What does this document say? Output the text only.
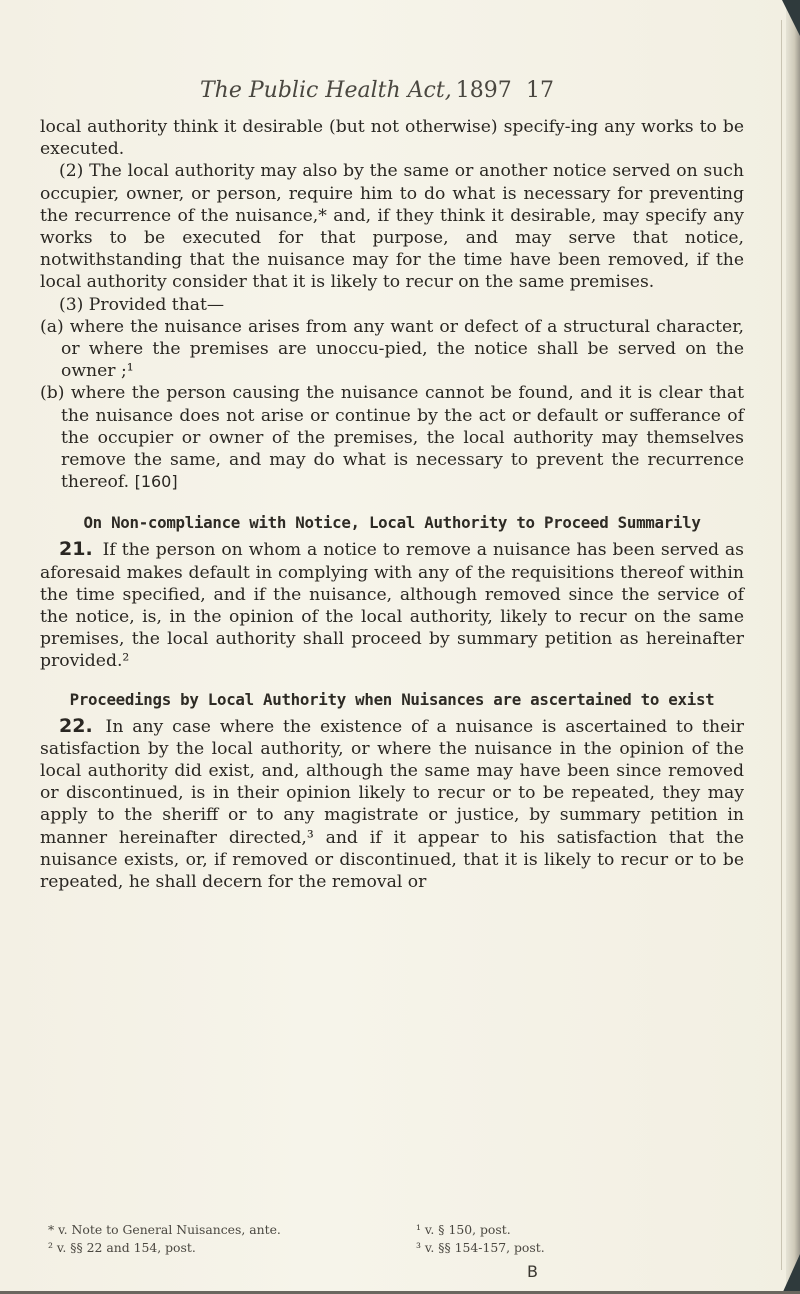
The Public Health Act, 1897 17

local authority think it desirable (but not otherwise) specify-ing any works to be executed.

(2) The local authority may also by the same or another notice served on such occupier, owner, or person, require him to do what is necessary for preventing the recurrence of the nuisance,* and, if they think it desirable, may specify any works to be executed for that purpose, and may serve that notice, notwithstanding that the nuisance may for the time have been removed, if the local authority consider that it is likely to recur on the same premises.

(3) Provided that—

(a) where the nuisance arises from any want or defect of a structural character, or where the premises are unoccu-pied, the notice shall be served on the owner ;¹

(b) where the person causing the nuisance cannot be found, and it is clear that the nuisance does not arise or continue by the act or default or sufferance of the occupier or owner of the premises, the local authority may themselves remove the same, and may do what is necessary to prevent the recurrence thereof. [160]

On Non-compliance with Notice, Local Authority to Proceed Summarily

21. If the person on whom a notice to remove a nuisance has been served as aforesaid makes default in complying with any of the requisitions thereof within the time specified, and if the nuisance, although removed since the service of the notice, is, in the opinion of the local authority, likely to recur on the same premises, the local authority shall proceed by summary petition as hereinafter provided.²

Proceedings by Local Authority when Nuisances are ascertained to exist

22. In any case where the existence of a nuisance is ascertained to their satisfaction by the local authority, or where the nuisance in the opinion of the local authority did exist, and, although the same may have been since removed or discontinued, is in their opinion likely to recur or to be repeated, they may apply to the sheriff or to any magistrate or justice, by summary petition in manner hereinafter directed,³ and if it appear to his satisfaction that the nuisance exists, or, if removed or discontinued, that it is likely to recur or to be repeated, he shall decern for the removal or

* v. Note to General Nuisances, ante.
² v. §§ 22 and 154, post.
¹ v. § 150, post.
³ v. §§ 154-157, post.
B
